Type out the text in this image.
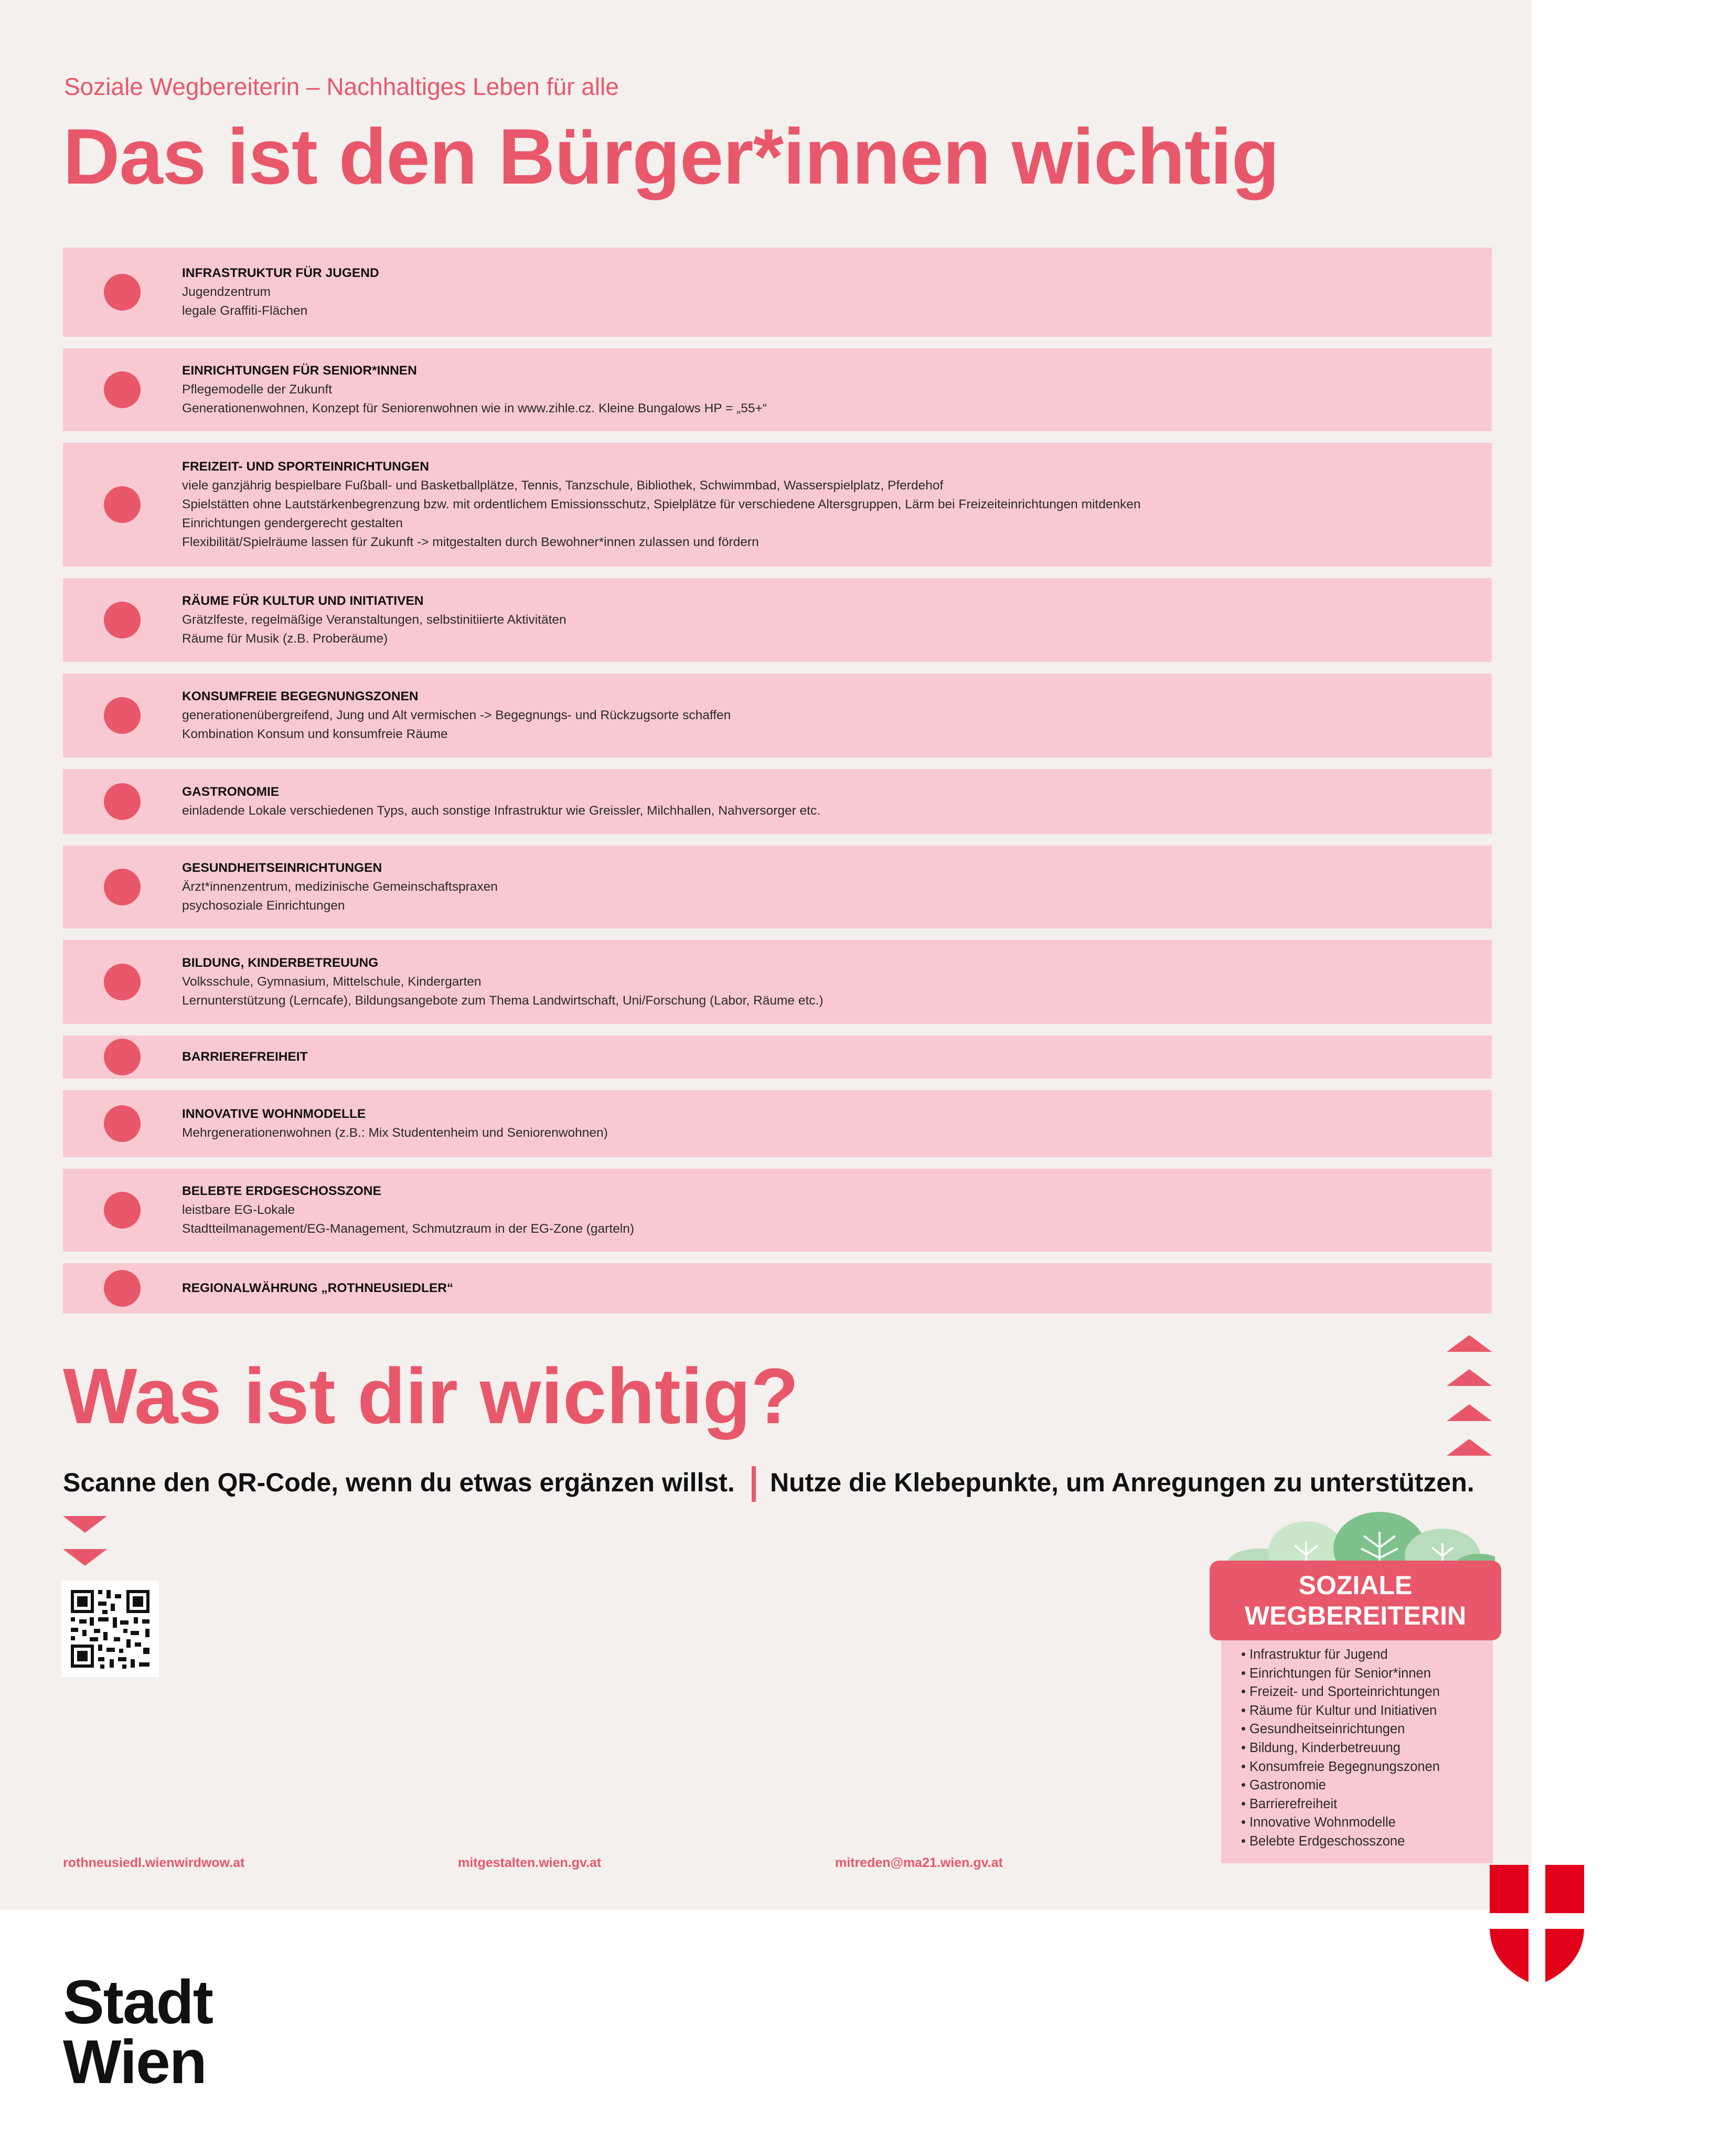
Soziale Wegbereiterin – Nachhaltiges Leben für alle
Das ist den Bürger*innen wichtig
INFRASTRUKTUR FÜR JUGEND
Jugendzentrum
legale Graffiti-Flächen
EINRICHTUNGEN FÜR SENIOR*INNEN
Pflegemodelle der Zukunft
Generationenwohnen, Konzept für Seniorenwohnen wie in www.zihle.cz. Kleine Bungalows HP = „55+“
FREIZEIT- UND SPORTEINRICHTUNGEN
viele ganzjährig bespielbare Fußball- und Basketballplätze, Tennis, Tanzschule, Bibliothek, Schwimmbad, Wasserspielplatz, Pferdehof
Spielstätten ohne Lautstärkenbegrenzung bzw. mit ordentlichem Emissionsschutz, Spielplätze für verschiedene Altersgruppen, Lärm bei Freizeiteinrichtungen mitdenken
Einrichtungen gendergerecht gestalten
Flexibilität/Spielräume lassen für Zukunft -> mitgestalten durch Bewohner*innen zulassen und fördern
RÄUME FÜR KULTUR UND INITIATIVEN
Grätzlfeste, regelmäßige Veranstaltungen, selbstinitiierte Aktivitäten
Räume für Musik (z.B. Proberäume)
KONSUMFREIE BEGEGNUNGSZONEN
generationenübergreifend, Jung und Alt vermischen -> Begegnungs- und Rückzugsorte schaffen
Kombination Konsum und konsumfreie Räume
GASTRONOMIE
einladende Lokale verschiedenen Typs, auch sonstige Infrastruktur wie Greissler, Milchhallen, Nahversorger etc.
GESUNDHEITSEINRICHTUNGEN
Ärzt*innenzentrum, medizinische Gemeinschaftspraxen
psychosoziale Einrichtungen
BILDUNG, KINDERBETREUUNG
Volksschule, Gymnasium, Mittelschule, Kindergarten
Lernunterstützung (Lerncafe), Bildungsangebote zum Thema Landwirtschaft, Uni/Forschung (Labor, Räume etc.)
BARRIEREFREIHEIT
INNOVATIVE WOHNMODELLE
Mehrgenerationenwohnen (z.B.: Mix Studentenheim und Seniorenwohnen)
BELEBTE ERDGESCHOSSZONE
leistbare EG-Lokale
Stadtteilmanagement/EG-Management, Schmutzraum in der EG-Zone (garteln)
REGIONALWÄHRUNG „ROTHNEUSIEDLER“
Was ist dir wichtig?
Scanne den QR-Code, wenn du etwas ergänzen willst. Nutze die Klebepunkte, um Anregungen zu unterstützen.
rothneusiedl.wienwirdwow.at	mitgestalten.wien.gv.at	mitreden@ma21.wien.gv.at
SOZIALE
WEGBEREITERIN
• Infrastruktur für Jugend
• Einrichtungen für Senior*innen
• Freizeit- und Sporteinrichtungen
• Räume für Kultur und Initiativen
• Gesundheitseinrichtungen
• Bildung, Kinderbetreuung
• Konsumfreie Begegnungszonen
• Gastronomie
• Barrierefreiheit
• Innovative Wohnmodelle
• Belebte Erdgeschosszone
Stadt
Wien
